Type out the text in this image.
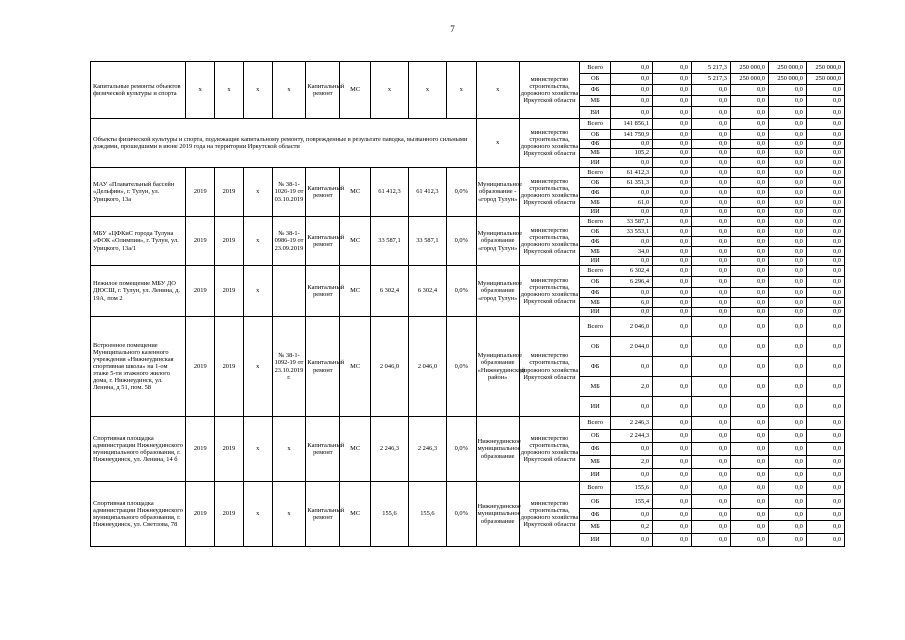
7
Капитальные ремонты объектов физической культуры и спорта	х	х	х	х	Капитальный ремонт	МС	х	х	х	х	министерство строительства, дорожного хозяйства Иркутской области	Всего	0,0	0,0	5 217,3	250 000,0	250 000,0	250 000,0
												ОБ	0,0	0,0	5 217,3	250 000,0	250 000,0	250 000,0
												ФБ	0,0	0,0	0,0	0,0	0,0	0,0
												МБ	0,0	0,0	0,0	0,0	0,0	0,0
												ВИ	0,0	0,0	0,0	0,0	0,0	0,0
Объекты физической культуры и спорта, подлежащие капитальному ремонту, поврежденные в результате паводка, вызванного сильными дождями, прошедшими в июне 2019 года на территории Иркутской области										х	министерство строительства, дорожного хозяйства Иркутской области	Всего	141 856,1	0,0	0,0	0,0	0,0	0,0
												ОБ	141 750,9	0,0	0,0	0,0	0,0	0,0
												ФБ	0,0	0,0	0,0	0,0	0,0	0,0
												МБ	105,2	0,0	0,0	0,0	0,0	0,0
												ИИ	0,0	0,0	0,0	0,0	0,0	0,0
МАУ «Плавательный бассейн «Дельфин», г. Тулун, ул. Урицкого, 13а	2019	2019	х	№ 38-1-1026-19 от 03.10.2019	Капитальный ремонт	МС	61 412,3	61 412,3	0,0%	Муниципальное образование - «город Тулун»	министерство строительства, дорожного хозяйства Иркутской области	Всего	61 412,3	0,0	0,0	0,0	0,0	0,0
												ОБ	61 351,3	0,0	0,0	0,0	0,0	0,0
												ФБ	0,0	0,0	0,0	0,0	0,0	0,0
												МБ	61,0	0,0	0,0	0,0	0,0	0,0
												ИИ	0,0	0,0	0,0	0,0	0,0	0,0
МБУ «ЦФКиС города Тулуна «ФОК «Олимпия», г. Тулун, ул. Урицкого, 13а/1	2019	2019	х	№ 38-1-0986-19 от 23.09.2019	Капитальный ремонт	МС	33 587,1	33 587,1	0,0%	Муниципальное образование «город Тулун»	министерство строительства, дорожного хозяйства Иркутской области	Всего	33 587,1	0,0	0,0	0,0	0,0	0,0
												ОБ	33 553,1	0,0	0,0	0,0	0,0	0,0
												ФБ	0,0	0,0	0,0	0,0	0,0	0,0
												МБ	34,0	0,0	0,0	0,0	0,0	0,0
												ИИ	0,0	0,0	0,0	0,0	0,0	0,0
Нежилое помещение МБУ ДО ДЮСШ, г. Тулун, ул. Ленина, д. 19А, пом 2	2019	2019	х		Капитальный ремонт	МС	6 302,4	6 302,4	0,0%	Муниципальное образование «город Тулун»	министерство строительства, дорожного хозяйства Иркутской области	Всего	6 302,4	0,0	0,0	0,0	0,0	0,0
												ОБ	6 296,4	0,0	0,0	0,0	0,0	0,0
												ФБ	0,0	0,0	0,0	0,0	0,0	0,0
												МБ	6,0	0,0	0,0	0,0	0,0	0,0
												ИИ	0,0	0,0	0,0	0,0	0,0	0,0
Встроенное помещение Муниципального казенного учреждения «Нижнеудинская спортивная школа» на 1-ом этаже 5-ти этажного жилого дома, г. Нижнеудинск, ул. Ленина, д 51, пом. 58	2019	2019	х	№ 38-1-1092-19 от 23.10.2019 г.	Капитальный ремонт	МС	2 046,0	2 046,0	0,0%	Муниципальное образование «Нижнеудинский район»	министерство строительства, дорожного хозяйства Иркутской области	Всего	2 046,0	0,0	0,0	0,0	0,0	0,0
												ОБ	2 044,0	0,0	0,0	0,0	0,0	0,0
												ФБ	0,0	0,0	0,0	0,0	0,0	0,0
												МБ	2,0	0,0	0,0	0,0	0,0	0,0
												ИИ	0,0	0,0	0,0	0,0	0,0	0,0
Спортивная площадка администрации Нижнеудинского муниципального образования, г. Нижнеудинск, ул. Ленина, 14 б	2019	2019	х	х	Капитальный ремонт	МС	2 246,3	2 246,3	0,0%	Нижнеудинское муниципальное образование	министерство строительства, дорожного хозяйства Иркутской области	Всего	2 246,3	0,0	0,0	0,0	0,0	0,0
												ОБ	2 244,3	0,0	0,0	0,0	0,0	0,0
												ФБ	0,0	0,0	0,0	0,0	0,0	0,0
												МБ	2,0	0,0	0,0	0,0	0,0	0,0
												ИИ	0,0	0,0	0,0	0,0	0,0	0,0
Спортивная площадка администрации Нижнеудинского муниципального образования, г. Нижнеудинск, ул. Светлова, 78	2019	2019	х	х	Капитальный ремонт	МС	155,6	155,6	0,0%	Нижнеудинское муниципальное образование	министерство строительства, дорожного хозяйства Иркутской области	Всего	155,6	0,0	0,0	0,0	0,0	0,0
												ОБ	155,4	0,0	0,0	0,0	0,0	0,0
												ФБ	0,0	0,0	0,0	0,0	0,0	0,0
												МБ	0,2	0,0	0,0	0,0	0,0	0,0
												ИИ	0,0	0,0	0,0	0,0	0,0	0,0
